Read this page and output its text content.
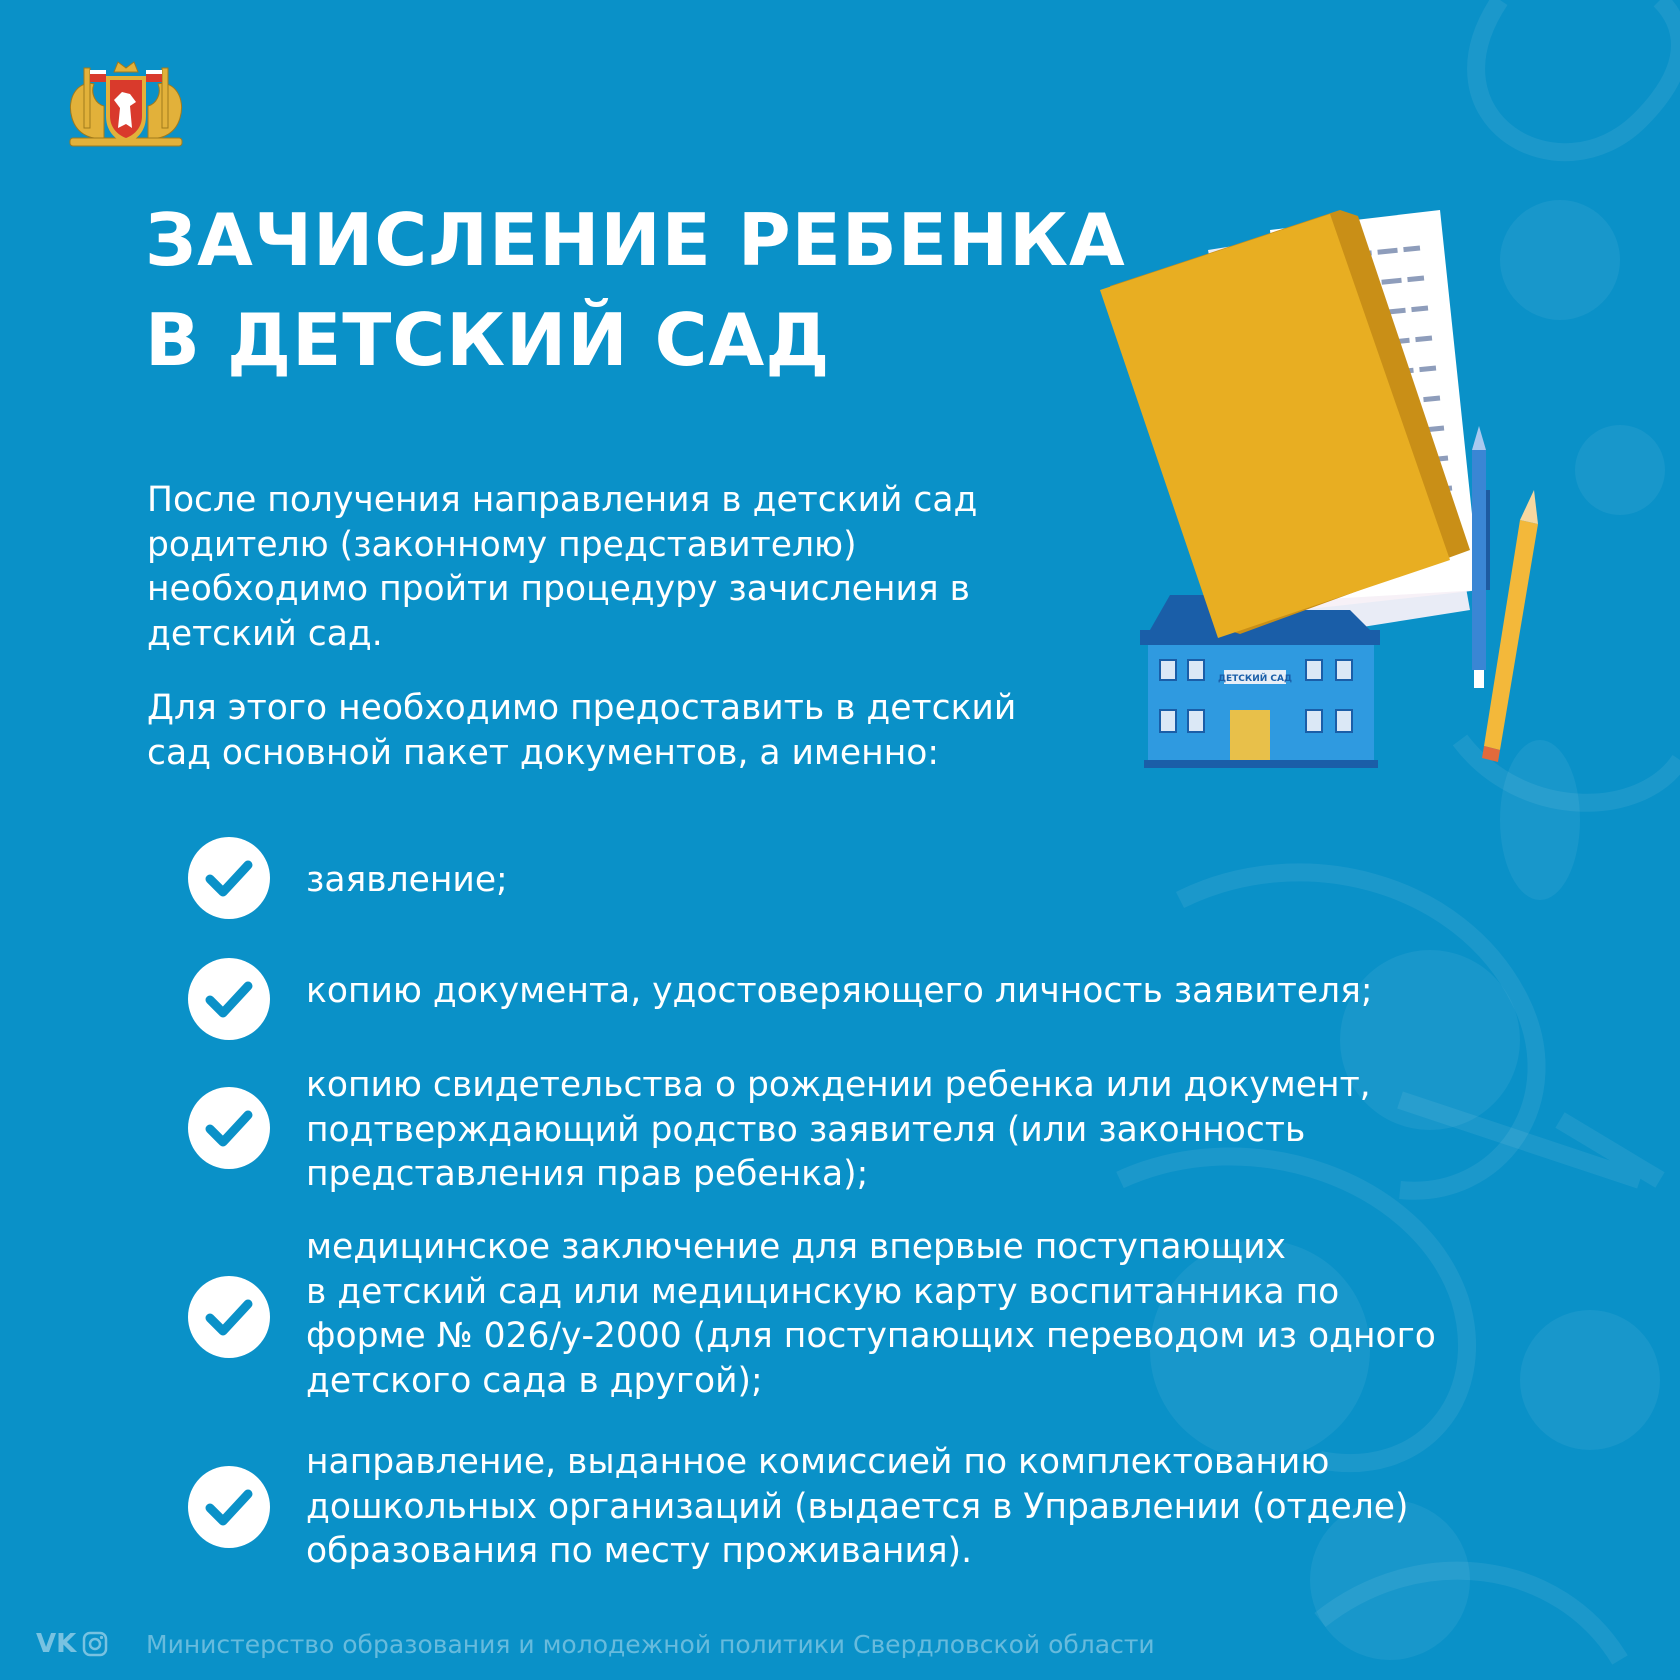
ЗАЧИСЛЕНИЕ РЕБЕНКА
В ДЕТСКИЙ САД

После получения направления в детский сад
родителю (законному представителю)
необходимо пройти процедуру зачисления в
детский сад.

Для этого необходимо предоставить в детский
сад основной пакет документов, а именно:

ДЕТСКИЙ САД
заявление;
копию документа, удостоверяющего личность заявителя;
копию свидетельства о рождении ребенка или документ,
подтверждающий родство заявителя (или законность
представления прав ребенка);
медицинское заключение для впервые поступающих
в детский сад или медицинскую карту воспитанника по
форме № 026/у-2000 (для поступающих переводом из одного
детского сада в другой);
направление, выданное комиссией по комплектованию
дошкольных организаций (выдается в Управлении (отделе)
образования по месту проживания).
VK	Министерство образования и молодежной политики Свердловской области
